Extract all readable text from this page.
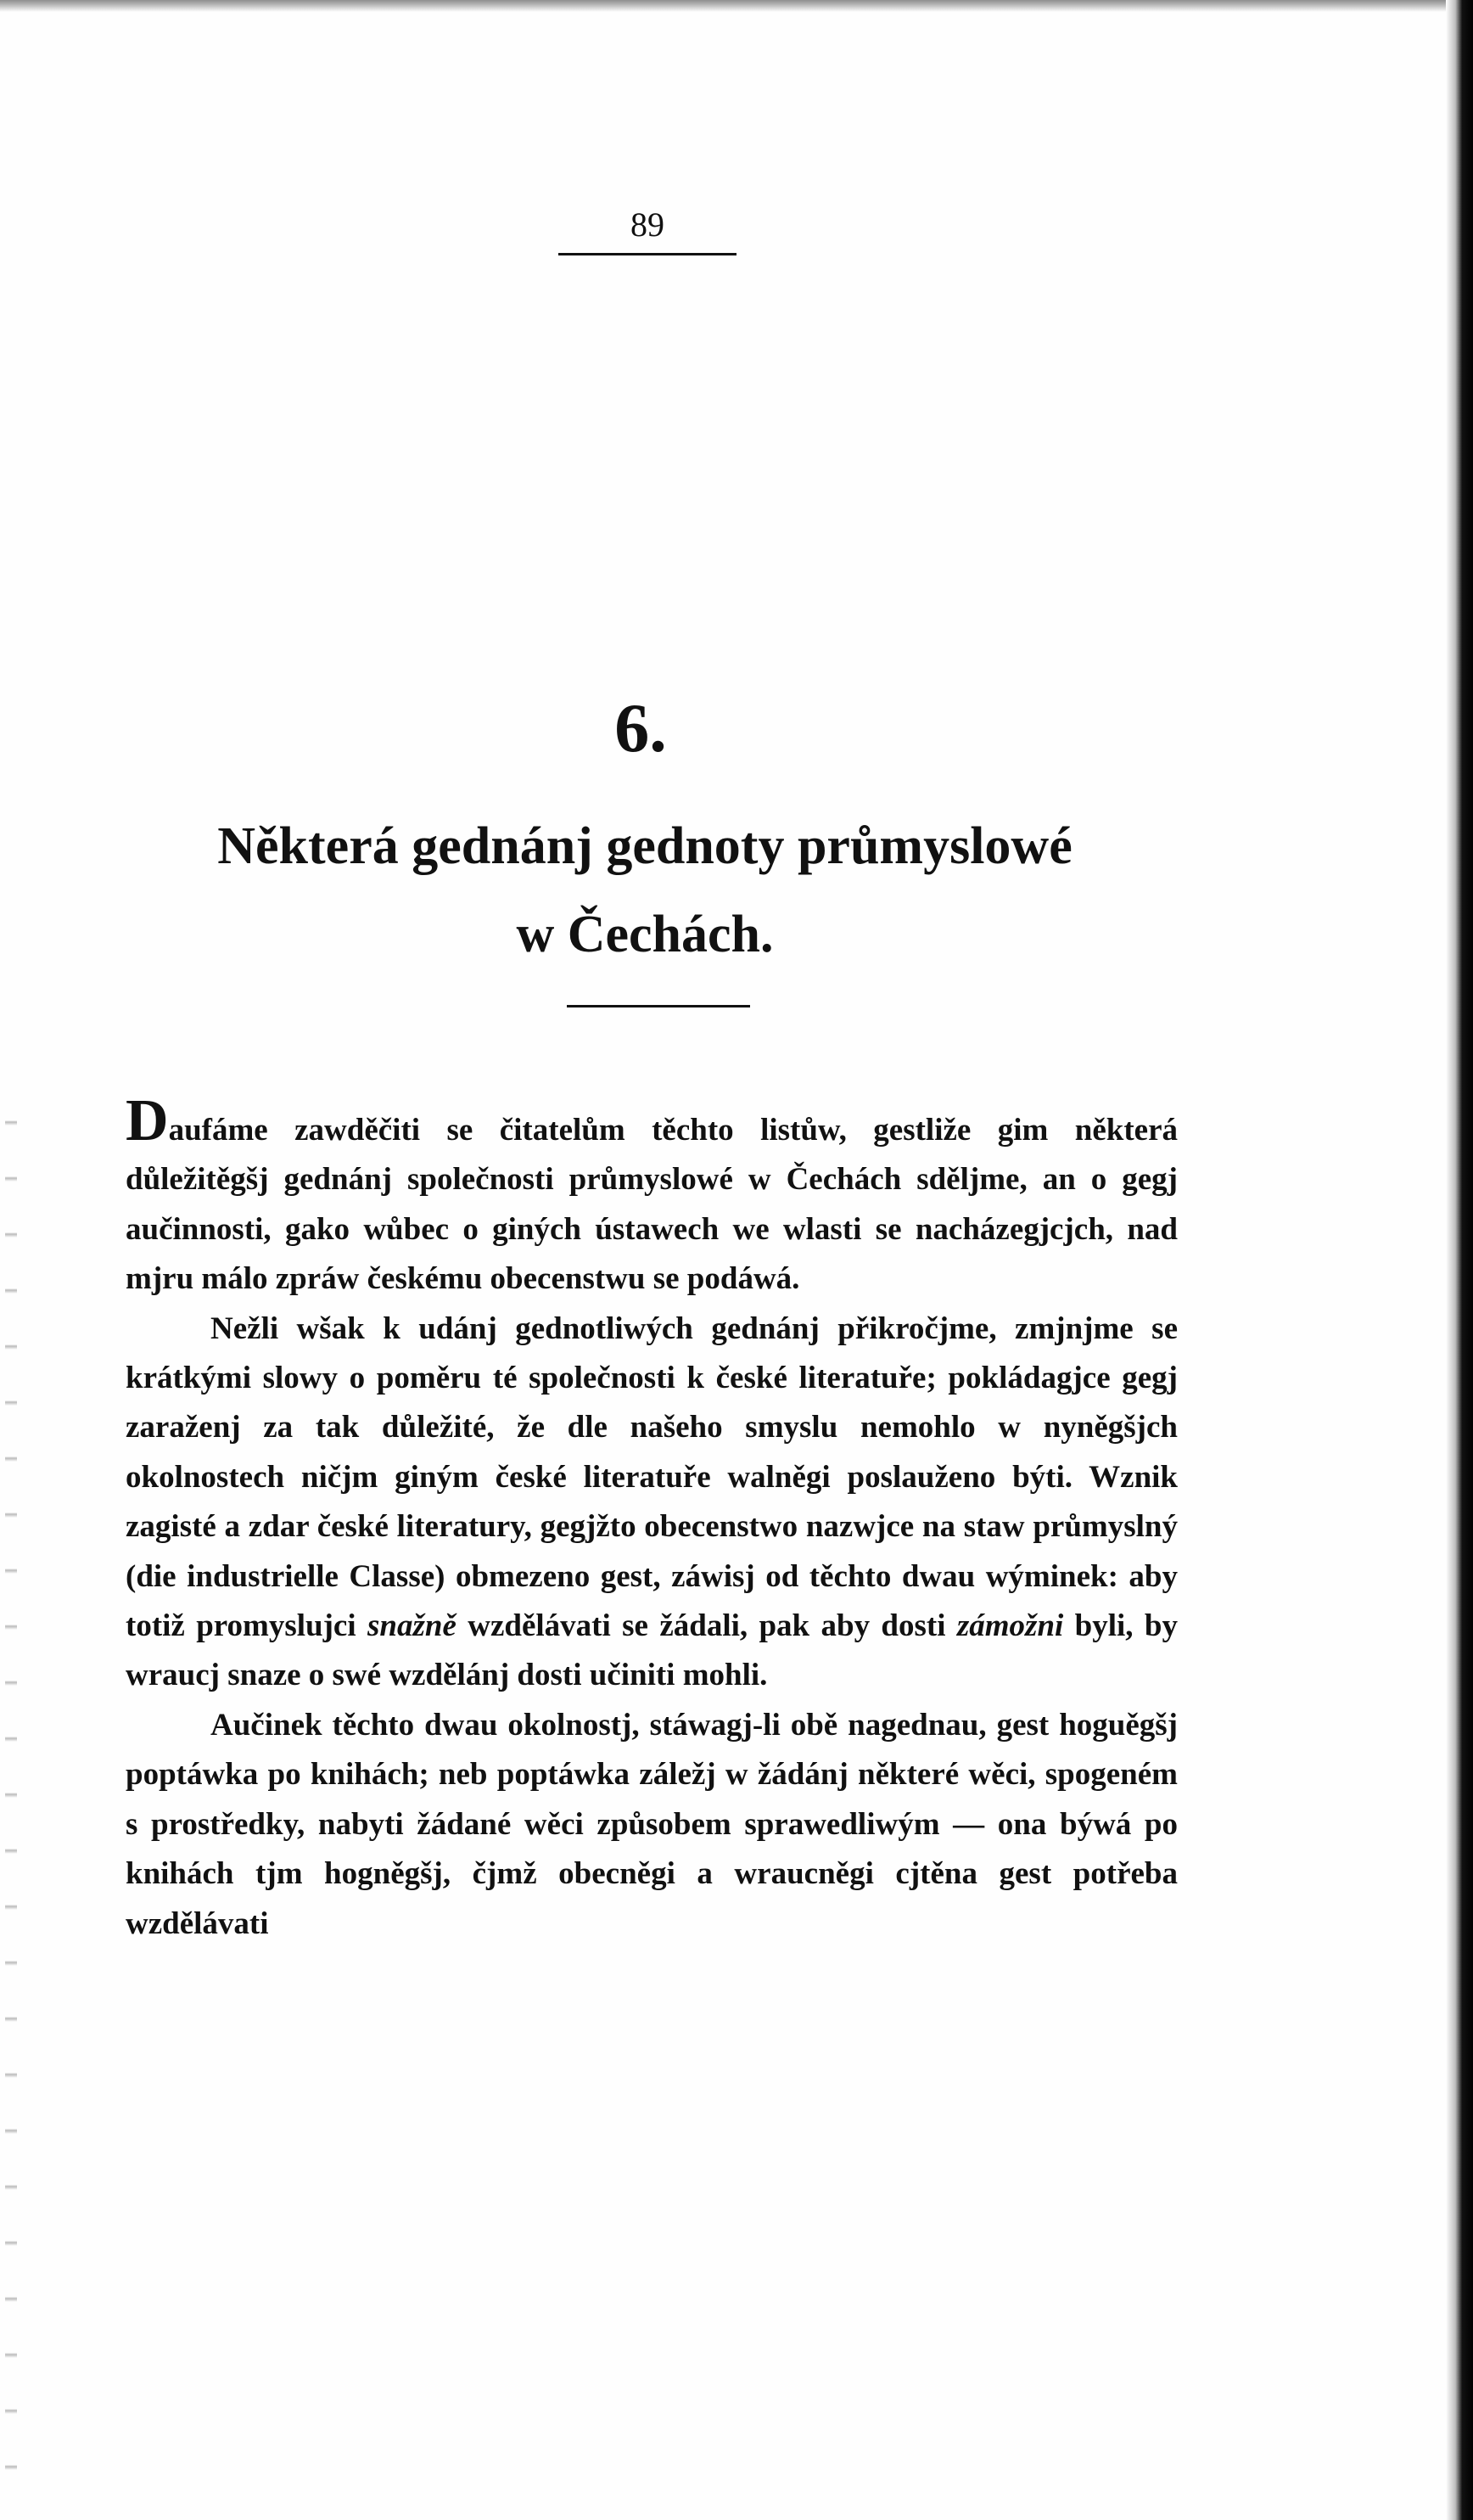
89
6.
Některá gednánj gednoty průmyslowé
w Čechách.

Daufáme zawděčiti se čitatelům těchto listůw, gestliže gim některá důležitěgšj gednánj společnosti průmyslowé w Čechách sděljme, an o gegj aučinnosti, gako wůbec o giných ústawech we wlasti se nacházegjcjch, nad mjru málo zpráw českému obecenstwu se podáwá.

Nežli wšak k udánj gednotliwých gednánj přikročjme, zmjnjme se krátkými slowy o poměru té společnosti k české literatuře; pokládagjce gegj zaraženj za tak důležité, že dle našeho smyslu nemohlo w nyněgšjch okolnostech ničjm giným české literatuře walněgi poslauženo býti. Wznik zagisté a zdar české literatury, gegjžto obecenstwo nazwjce na staw průmyslný (die industrielle Classe) obmezeno gest, záwisj od těchto dwau wýminek: aby totiž promyslujci snažně wzdělávati se žádali, pak aby dosti zámožni byli, by wraucj snaze o swé wzdělánj dosti učiniti mohli.

Aučinek těchto dwau okolnostj, stáwagj-li obě nagednau, gest hoguěgšj poptáwka po knihách; neb poptáwka záležj w žádánj některé wěci, spogeném s prostředky, nabyti žádané wěci způsobem sprawedliwým — ona býwá po knihách tjm hogněgšj, čjmž obecněgi a wraucněgi cjtěna gest potřeba wzdělávati
